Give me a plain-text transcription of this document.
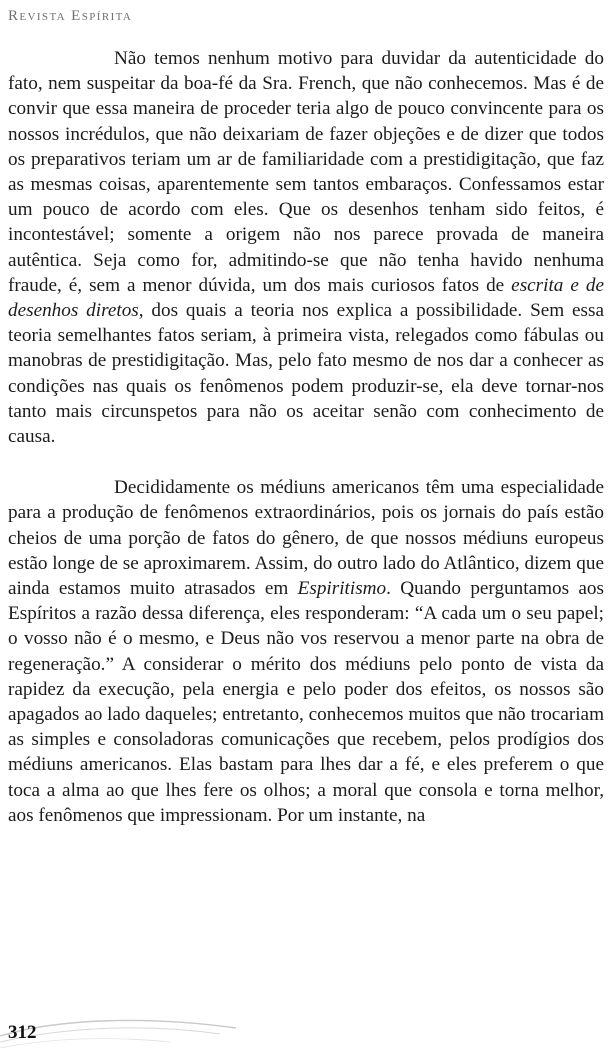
Revista Espírita

Não temos nenhum motivo para duvidar da autenticidade do fato, nem suspeitar da boa-fé da Sra. French, que não conhecemos. Mas é de convir que essa maneira de proceder teria algo de pouco convincente para os nossos incrédulos, que não deixariam de fazer objeções e de dizer que todos os preparativos teriam um ar de familiaridade com a prestidigitação, que faz as mesmas coisas, aparentemente sem tantos embaraços. Confessamos estar um pouco de acordo com eles. Que os desenhos tenham sido feitos, é incontestável; somente a origem não nos parece provada de maneira autêntica. Seja como for, admitindo-se que não tenha havido nenhuma fraude, é, sem a menor dúvida, um dos mais curiosos fatos de escrita e de desenhos diretos, dos quais a teoria nos explica a possibilidade. Sem essa teoria semelhantes fatos seriam, à primeira vista, relegados como fábulas ou manobras de prestidigitação. Mas, pelo fato mesmo de nos dar a conhecer as condições nas quais os fenômenos podem produzir-se, ela deve tornar-nos tanto mais circunspetos para não os aceitar senão com conhecimento de causa.

Decididamente os médiuns americanos têm uma especialidade para a produção de fenômenos extraordinários, pois os jornais do país estão cheios de uma porção de fatos do gênero, de que nossos médiuns europeus estão longe de se aproximarem. Assim, do outro lado do Atlântico, dizem que ainda estamos muito atrasados em Espiritismo. Quando perguntamos aos Espíritos a razão dessa diferença, eles responderam: “A cada um o seu papel; o vosso não é o mesmo, e Deus não vos reservou a menor parte na obra de regeneração.” A considerar o mérito dos médiuns pelo ponto de vista da rapidez da execução, pela energia e pelo poder dos efeitos, os nossos são apagados ao lado daqueles; entretanto, conhecemos muitos que não trocariam as simples e consoladoras comunicações que recebem, pelos prodígios dos médiuns americanos. Elas bastam para lhes dar a fé, e eles preferem o que toca a alma ao que lhes fere os olhos; a moral que consola e torna melhor, aos fenômenos que impressionam. Por um instante, na

312
